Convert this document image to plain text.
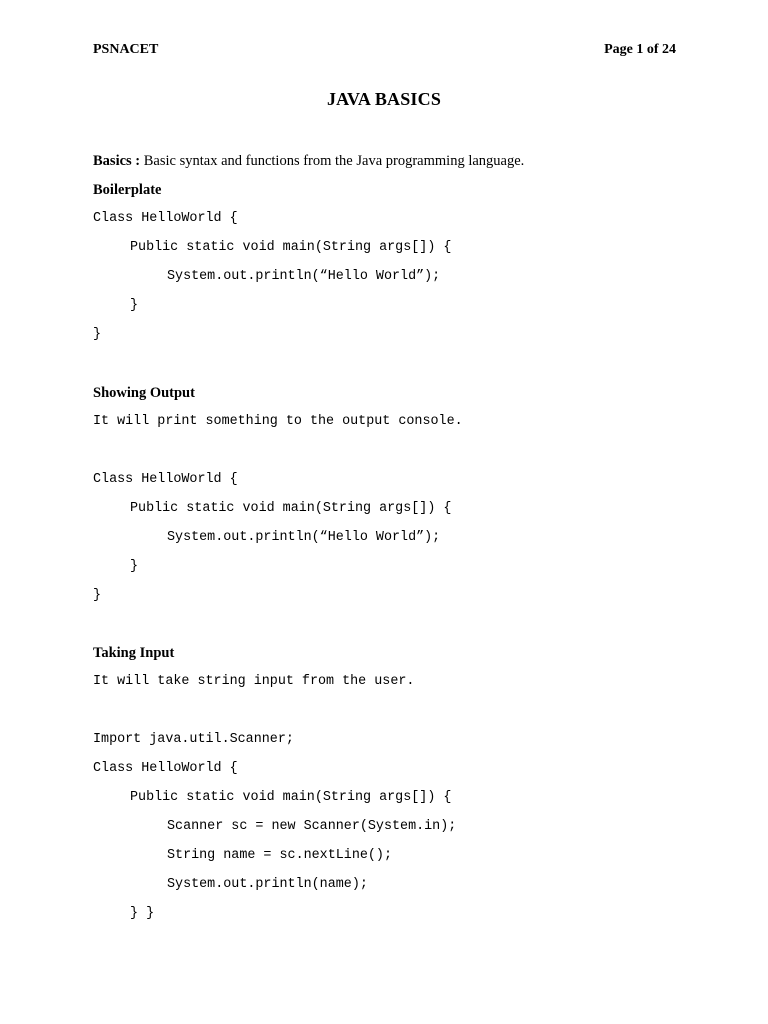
PSNACET	Page 1 of 24
JAVA BASICS
Basics : Basic syntax and functions from the Java programming language.
Boilerplate
Class HelloWorld {
Public static void main(String args[]) {
System.out.println(“Hello World”);
}
}
Showing Output
It will print something to the output console.
Class HelloWorld {
Public static void main(String args[]) {
System.out.println(“Hello World”);
}
}
Taking Input
It will take string input from the user.
Import java.util.Scanner;
Class HelloWorld {
Public static void main(String args[]) {
Scanner sc = new Scanner(System.in);
String name = sc.nextLine();
System.out.println(name);
} }
